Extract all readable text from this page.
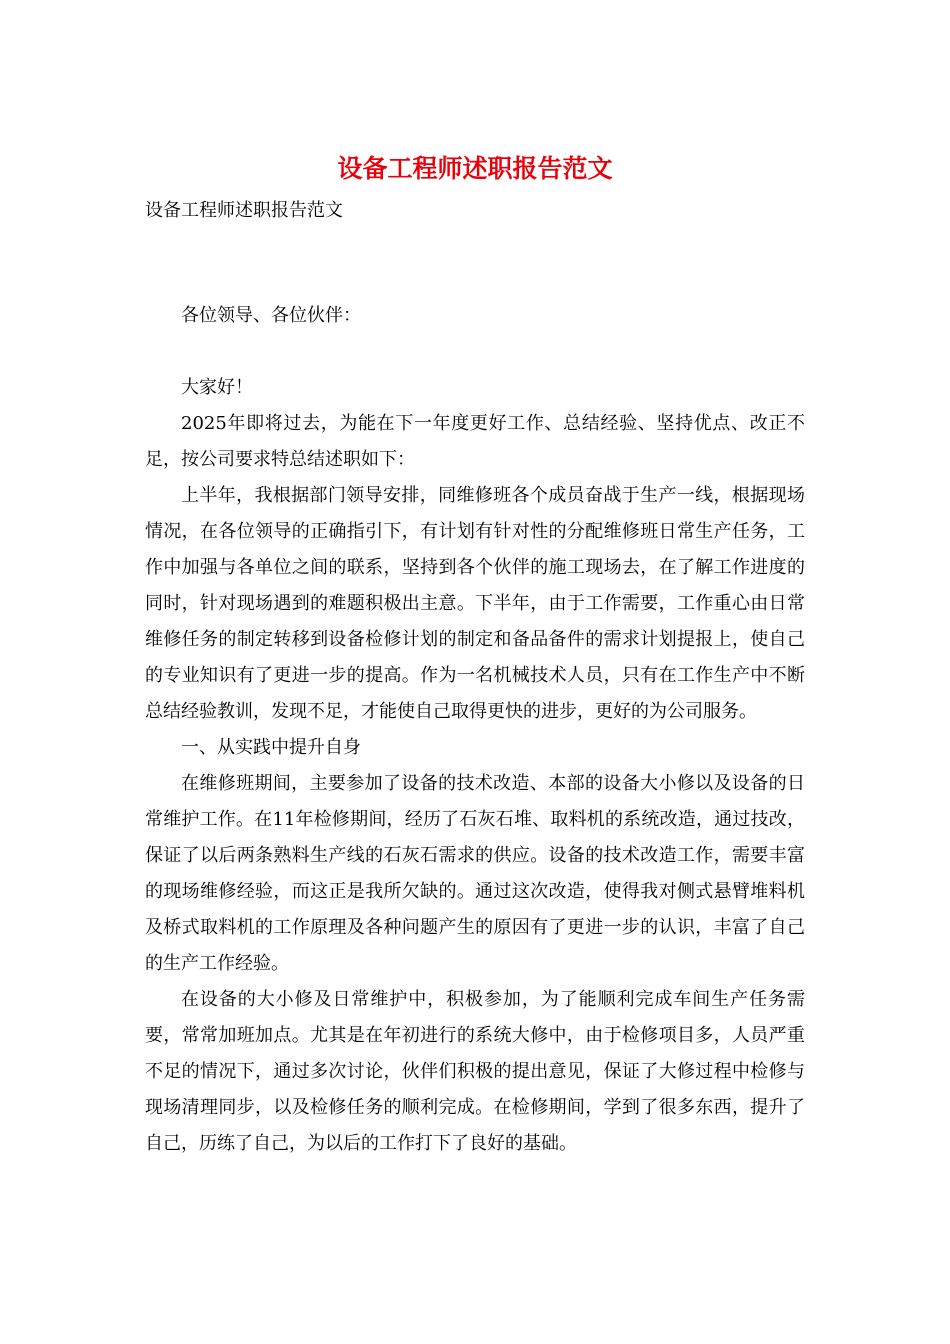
设备工程师述职报告范文
设备工程师述职报告范文

各位领导、各位伙伴：

大家好！

2025年即将过去，为能在下一年度更好工作、总结经验、坚持优点、改正不足，按公司要求特总结述职如下：

上半年，我根据部门领导安排，同维修班各个成员奋战于生产一线，根据现场情况，在各位领导的正确指引下，有计划有针对性的分配维修班日常生产任务，工作中加强与各单位之间的联系，坚持到各个伙伴的施工现场去，在了解工作进度的同时，针对现场遇到的难题积极出主意。下半年，由于工作需要，工作重心由日常维修任务的制定转移到设备检修计划的制定和备品备件的需求计划提报上，使自己的专业知识有了更进一步的提高。作为一名机械技术人员，只有在工作生产中不断总结经验教训，发现不足，才能使自己取得更快的进步，更好的为公司服务。

一、从实践中提升自身

在维修班期间，主要参加了设备的技术改造、本部的设备大小修以及设备的日常维护工作。在11年检修期间，经历了石灰石堆、取料机的系统改造，通过技改，保证了以后两条熟料生产线的石灰石需求的供应。设备的技术改造工作，需要丰富的现场维修经验，而这正是我所欠缺的。通过这次改造，使得我对侧式悬臂堆料机及桥式取料机的工作原理及各种问题产生的原因有了更进一步的认识，丰富了自己的生产工作经验。

在设备的大小修及日常维护中，积极参加，为了能顺利完成车间生产任务需要，常常加班加点。尤其是在年初进行的系统大修中，由于检修项目多，人员严重不足的情况下，通过多次讨论，伙伴们积极的提出意见，保证了大修过程中检修与现场清理同步，以及检修任务的顺利完成。在检修期间，学到了很多东西，提升了自己，历练了自己，为以后的工作打下了良好的基础。
